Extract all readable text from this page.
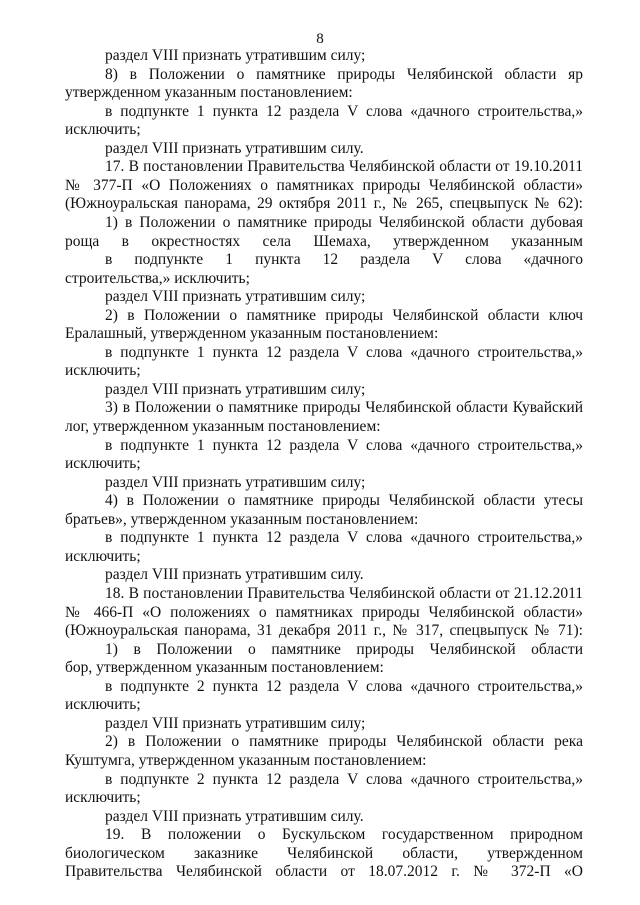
8
раздел VIII признать утратившим силу;
8) в Положении о памятнике природы Челябинской области яр
утвержденном указанным постановлением:
в подпункте 1 пункта 12 раздела V слова «дачного строительства,»
исключить;
раздел VIII признать утратившим силу.
17. В постановлении Правительства Челябинской области от 19.10.2011
№ 377-П «О Положениях о памятниках природы Челябинской области»
(Южноуральская панорама, 29 октября 2011 г., № 265, спецвыпуск № 62):
1) в Положении о памятнике природы Челябинской области дубовая
роща в окрестностях села Шемаха, утвержденном указанным
в подпункте 1 пункта 12 раздела V слова «дачного
строительства,» исключить;
раздел VIII признать утратившим силу;
2) в Положении о памятнике природы Челябинской области ключ
Ералашный, утвержденном указанным постановлением:
в подпункте 1 пункта 12 раздела V слова «дачного строительства,»
исключить;
раздел VIII признать утратившим силу;
3) в Положении о памятнике природы Челябинской области Кувайский
лог, утвержденном указанным постановлением:
в подпункте 1 пункта 12 раздела V слова «дачного строительства,»
исключить;
раздел VIII признать утратившим силу;
4) в Положении о памятнике природы Челябинской области утесы
братьев», утвержденном указанным постановлением:
в подпункте 1 пункта 12 раздела V слова «дачного строительства,»
исключить;
раздел VIII признать утратившим силу.
18. В постановлении Правительства Челябинской области от 21.12.2011
№ 466-П «О положениях о памятниках природы Челябинской области»
(Южноуральская панорама, 31 декабря 2011 г., № 317, спецвыпуск № 71):
1) в Положении о памятнике природы Челябинской области
бор, утвержденном указанным постановлением:
в подпункте 2 пункта 12 раздела V слова «дачного строительства,»
исключить;
раздел VIII признать утратившим силу;
2) в Положении о памятнике природы Челябинской области река
Куштумга, утвержденном указанным постановлением:
в подпункте 2 пункта 12 раздела V слова «дачного строительства,»
исключить;
раздел VIII признать утратившим силу.
19. В положении о Бускульском государственном природном
биологическом заказнике Челябинской области, утвержденном
Правительства Челябинской области от 18.07.2012 г. № 372-П «О
